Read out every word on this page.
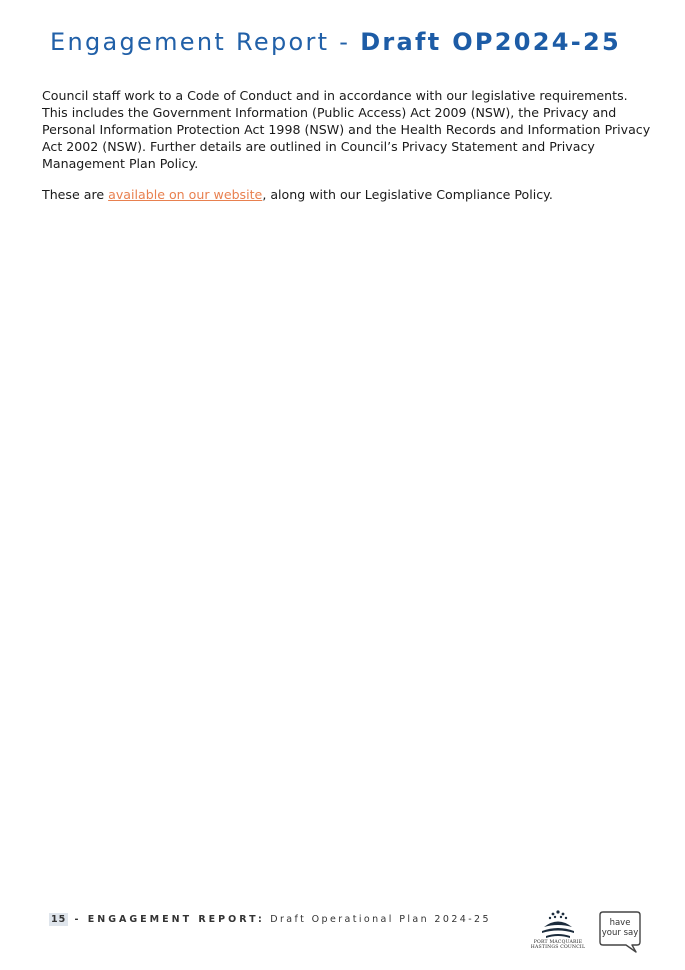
Engagement Report - Draft OP2024-25

Council staff work to a Code of Conduct and in accordance with our legislative requirements. This includes the Government Information (Public Access) Act 2009 (NSW), the Privacy and Personal Information Protection Act 1998 (NSW) and the Health Records and Information Privacy Act 2002 (NSW). Further details are outlined in Council’s Privacy Statement and Privacy Management Plan Policy.

These are available on our website, along with our Legislative Compliance Policy.

15 - ENGAGEMENT REPORT: Draft Operational Plan 2024-25
PORT MACQUARIE
HASTINGS COUNCIL
have
your say
